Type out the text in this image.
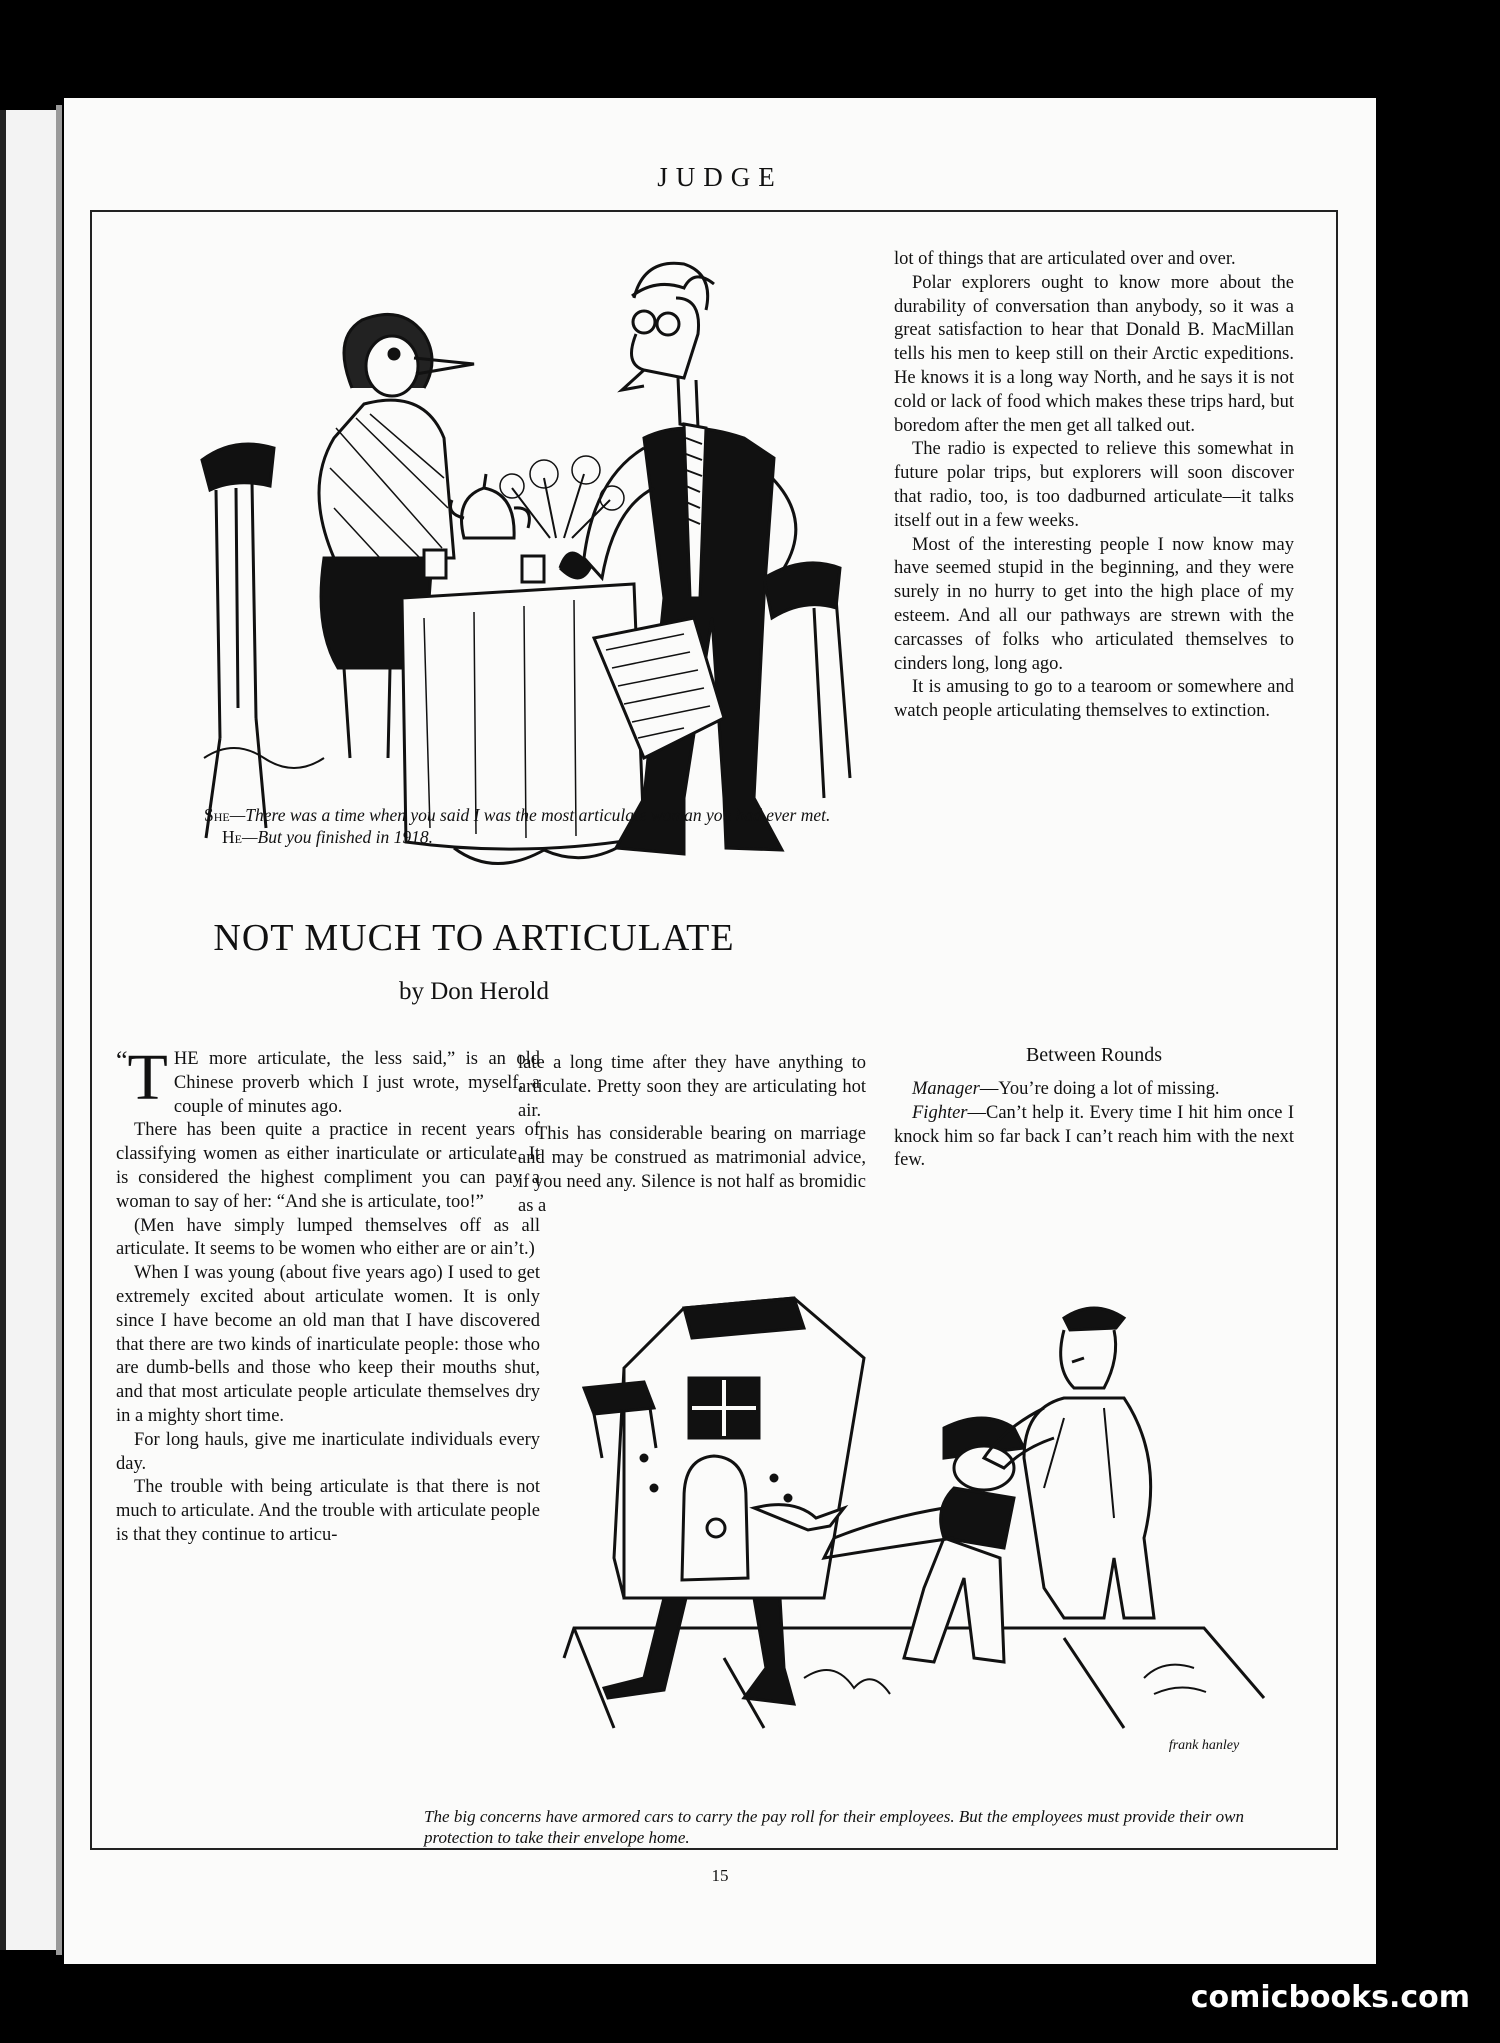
JUDGE
She—There was a time when you said I was the most articulate woman you had ever met.
He—But you finished in 1918.
NOT MUCH TO ARTICULATE
by Don Herold

“ T HE more articulate, the less said,” is an old Chinese proverb which I just wrote, myself, a couple of minutes ago.

There has been quite a practice in recent years of classifying women as either inarticulate or articulate. It is considered the highest compliment you can pay a woman to say of her: “And she is articulate, too!”

(Men have simply lumped themselves off as all articulate. It seems to be women who either are or ain’t.)

When I was young (about five years ago) I used to get extremely excited about articulate women. It is only since I have become an old man that I have discovered that there are two kinds of inarticulate people: those who are dumb-bells and those who keep their mouths shut, and that most articulate people articulate themselves dry in a mighty short time.

For long hauls, give me inarticulate individuals every day.

The trouble with being articulate is that there is not much to articulate. And the trouble with articulate people is that they continue to articu-

late a long time after they have anything to articulate. Pretty soon they are articulating hot air.

This has considerable bearing on marriage and may be construed as matrimonial advice, if you need any. Silence is not half as bromidic as a

lot of things that are articulated over and over.

Polar explorers ought to know more about the durability of conversation than anybody, so it was a great satisfaction to hear that Donald B. MacMillan tells his men to keep still on their Arctic expeditions. He knows it is a long way North, and he says it is not cold or lack of food which makes these trips hard, but boredom after the men get all talked out.

The radio is expected to relieve this somewhat in future polar trips, but explorers will soon discover that radio, too, is too dadburned articulate—it talks itself out in a few weeks.

Most of the interesting people I now know may have seemed stupid in the beginning, and they were surely in no hurry to get into the high place of my esteem. And all our pathways are strewn with the carcasses of folks who articulated themselves to cinders long, long ago.

It is amusing to go to a tearoom or somewhere and watch people articulating themselves to extinction.

Between Rounds

Manager—You’re doing a lot of missing.

Fighter—Can’t help it. Every time I hit him once I knock him so far back I can’t reach him with the next few.

The big concerns have armored cars to carry the pay roll for their employees. But the employees must provide their own protection to take their envelope home.
frank hanley
15
comicbooks.com
